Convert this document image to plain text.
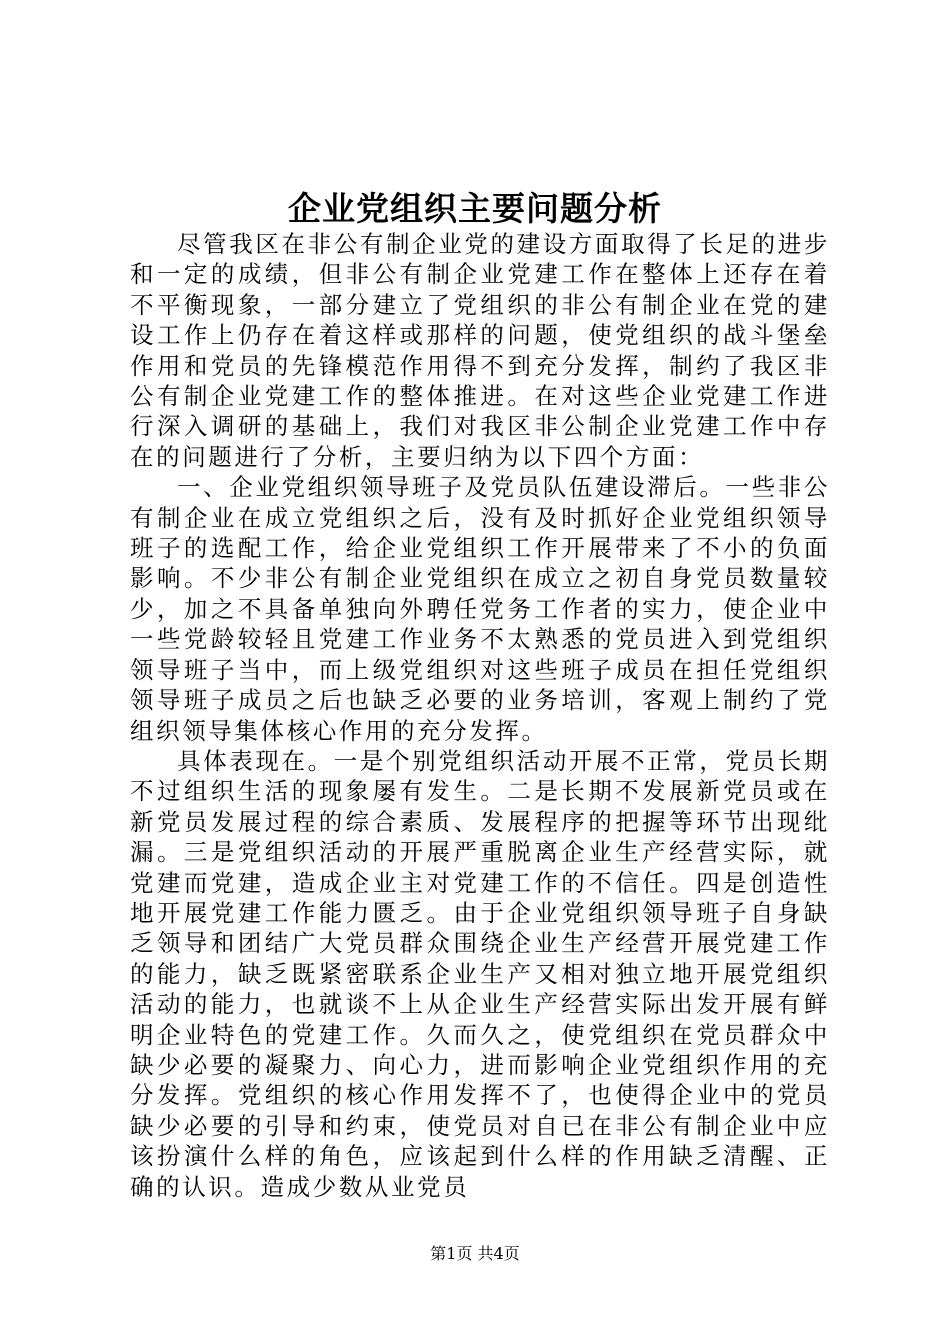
企业党组织主要问题分析

尽管我区在非公有制企业党的建设方面取得了长足的进步和一定的成绩，但非公有制企业党建工作在整体上还存在着不平衡现象，一部分建立了党组织的非公有制企业在党的建设工作上仍存在着这样或那样的问题，使党组织的战斗堡垒作用和党员的先锋模范作用得不到充分发挥，制约了我区非公有制企业党建工作的整体推进。在对这些企业党建工作进行深入调研的基础上，我们对我区非公制企业党建工作中存在的问题进行了分析，主要归纳为以下四个方面：

一、企业党组织领导班子及党员队伍建设滞后。一些非公有制企业在成立党组织之后，没有及时抓好企业党组织领导班子的选配工作，给企业党组织工作开展带来了不小的负面影响。不少非公有制企业党组织在成立之初自身党员数量较少，加之不具备单独向外聘任党务工作者的实力，使企业中一些党龄较轻且党建工作业务不太熟悉的党员进入到党组织领导班子当中，而上级党组织对这些班子成员在担任党组织领导班子成员之后也缺乏必要的业务培训，客观上制约了党组织领导集体核心作用的充分发挥。

具体表现在。一是个别党组织活动开展不正常，党员长期不过组织生活的现象屡有发生。二是长期不发展新党员或在新党员发展过程的综合素质、发展程序的把握等环节出现纰漏。三是党组织活动的开展严重脱离企业生产经营实际，就党建而党建，造成企业主对党建工作的不信任。四是创造性地开展党建工作能力匮乏。由于企业党组织领导班子自身缺乏领导和团结广大党员群众围绕企业生产经营开展党建工作的能力，缺乏既紧密联系企业生产又相对独立地开展党组织活动的能力，也就谈不上从企业生产经营实际出发开展有鲜明企业特色的党建工作。久而久之，使党组织在党员群众中缺少必要的凝聚力、向心力，进而影响企业党组织作用的充分发挥。党组织的核心作用发挥不了，也使得企业中的党员缺少必要的引导和约束，使党员对自已在非公有制企业中应该扮演什么样的角色，应该起到什么样的作用缺乏清醒、正确的认识。造成少数从业党员

第1页 共4页
